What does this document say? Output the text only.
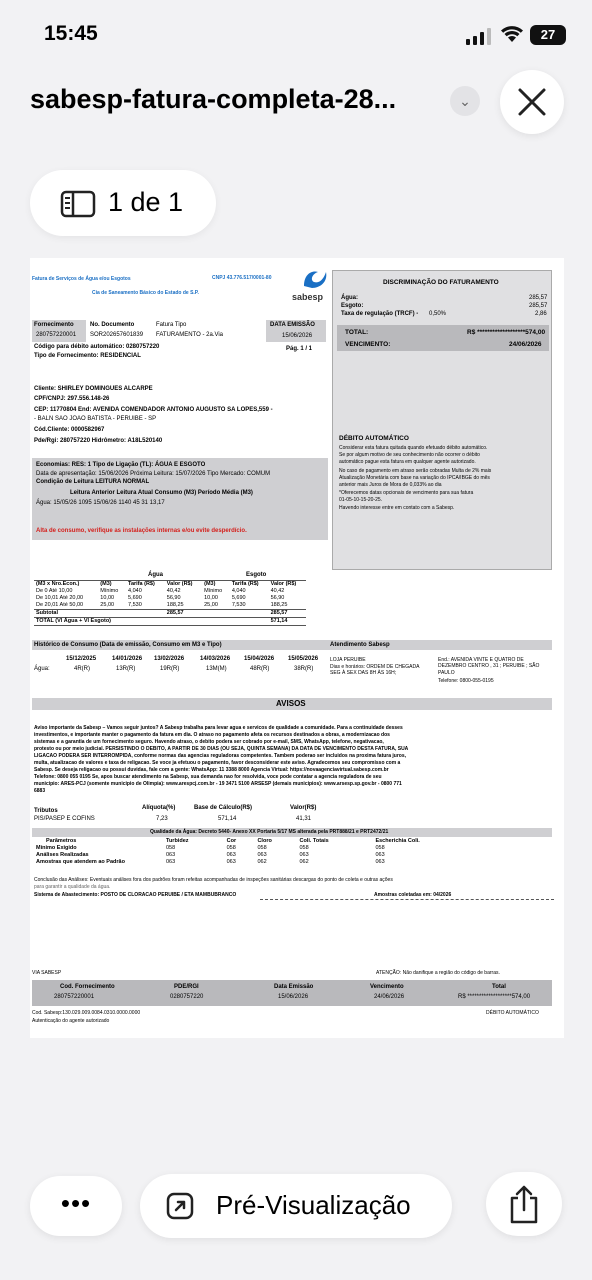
15:45	27
sabesp-fatura-completa-28...	⌄
1 de 1
Fatura de Serviços de Água e/ou Esgotos
Cia de Saneamento Básico do Estado de S.P.
CNPJ 43.776.517/0001-80
sabesp
Fornecimento
280757220001
No. Documento
SOR202657601839
Fatura Tipo
FATURAMENTO - 2a.Via
DATA EMISSÃO
15/06/2026
Código para débito automático: 0280757220	Pág. 1 / 1
Tipo de Fornecimento: RESIDENCIAL
Cliente: SHIRLEY DOMINGUES ALCARPE
CPF/CNPJ: 297.556.148-26
CEP: 11770804 End: AVENIDA COMENDADOR ANTONIO AUGUSTO SA LOPES,559 -
- BALN SAO JOAO BATISTA - PERUIBE - SP
Cód.Cliente: 0000582967
Pde/Rgi: 280757220 Hidrômetro: A18L520140
Economias: RES: 1 Tipo de Ligação (TL): ÁGUA E ESGOTO
Data de apresentação: 15/06/2026 Próxima Leitura: 15/07/2026 Tipo Mercado: COMUM
Condição de Leitura LEITURA NORMAL
Leitura Anterior Leitura Atual Consumo (M3) Período Média (M3)
Água: 15/05/26 1095 15/06/26 1140 45 31 13,17
Alta de consumo, verifique as instalações internas e/ou evite desperdício.
DISCRIMINAÇÃO DO FATURAMENTO
Água:	285,57
Esgoto:	285,57
Taxa de regulação (TRCF) - 0,50%	2,86
TOTAL:	R$ *******************574,00
VENCIMENTO:	24/06/2026
DÉBITO AUTOMÁTICO
Considerar esta fatura quitada quando efetuado débito automático.
Se por algum motivo de seu conhecimento não ocorrer o débito
automático pague esta fatura em qualquer agente autorizado.
No caso de pagamento em atraso serão cobradas Multa de 2% mais
Atualização Monetária com base na variação do IPCA/IBGE do mês
anterior mais Juros de Mora de 0,033% ao dia
*Oferecemos datas opcionais de vencimento para sua fatura
01-05-10-15-20-25.
Havendo interesse entre em contato com a Sabesp.
Água	Esgoto
(M3 x Nro.Econ.)	(M3)	Tarifa (R$)	Valor (R$)	(M3)	Tarifa (R$)	Valor (R$)
De 0 Até 10,00	Mínimo	4,040	40,42	Mínimo	4,040	40,42
De 10,01 Até 20,00	10,00	5,690	56,90	10,00	5,690	56,90
De 20,01 Até 50,00	25,00	7,530	188,25	25,00	7,530	188,25
Subtotal			285,57			285,57
TOTAL (Vl Água + Vl Esgoto)						571,14
Histórico de Consumo (Data de emissão, Consumo em M3 e Tipo)	Atendimento Sabesp
15/12/2025	14/01/2026 13/02/2026	14/03/2026 15/04/2026 15/05/2026
Água:	4R(R)	13R(R)	19R(R)	13M(M)	48R(R)	38R(R)
LOJA PERUIBE
Dias e horários: ORDEM DE CHEGADA SEG À SEX DAS 8H ÀS 16H;
End.: AVENIDA VINTE E QUATRO DE DEZEMBRO CENTRO , 31 ; PERUIBE ; SÃO PAULO
Telefone: 0800-055-0195
AVISOS
Aviso importante da Sabesp – Vamos seguir juntos? A Sabesp trabalha para levar agua e servicos de qualidade a comunidade. Para a continuidade desses
investimentos, e importante manter o pagamento da fatura em dia. O atraso no pagamento afeta os recursos destinados a obras, a modernizacao dos
sistemas e a garantia de um fornecimento seguro. Havendo atraso, o debito podera ser cobrado por e-mail, SMS, WhatsApp, telefone, negativacao,
protesto ou por meio judicial. PERSISTINDO O DEBITO, A PARTIR DE 30 DIAS (OU SEJA, QUINTA SEMANA) DA DATA DE VENCIMENTO DESTA FATURA, SUA
LIGACAO PODERA SER INTERROMPIDA, conforme normas das agencias reguladoras competentes. Tambem poderao ser incluidos na proxima fatura juros,
multa, atualizacao de valores e taxa de religacao. Se voce ja efetuou o pagamento, favor desconsiderar este aviso. Agradecemos seu compromisso com a
Sabesp. Se deseja religacao ou possui duvidas, fale com a gente: WhatsApp: 11 3388 8000 Agencia Virtual: https://novaagenciavirtual.sabesp.com.br
Telefone: 0800 055 0195 Se, apos buscar atendimento na Sabesp, sua demanda nao for resolvida, voce pode contatar a agencia reguladora de seu
municipio: ARES-PCJ (somente municipio de Olimpia): www.arespcj.com.br - 19 3471 5100 ARSESP (demais municipios): www.arsesp.sp.gov.br - 0800 771
6883
Tributos	Alíquota(%)	Base de Cálculo(R$)	Valor(R$)
PIS/PASEP E COFINS	7,23	571,14	41,31
Qualidade da Água: Decreto 5440- Anexo XX Portaria 5/17 MS alterada pela PRT888/21 e PRT2472/21
Parâmetros	Turbidez	Cor	Cloro	Coli. Totais	Escherichia Coli.
Mínimo Exigido	058	058	058	058	058
Análises Realizadas	063	063	063	063	063
Amostras que atendem ao Padrão	063	063	062	062	063
Conclusão das Análises: Eventuais análises fora dos padrões foram refeitas acompanhadas de inspeções sanitárias descargas do ponto de coleta e outras ações
para garantir a qualidade da água.
Sistema de Abastecimento: POSTO DE CLORACAO PERUIBE / ETA MAMBUBRANCO	Amostras coletadas em: 04/2026
VIA SABESP	ATENÇÃO: Não danifique a região do código de barras.
Cod. Fornecimento	PDE/RGI	Data Emissão	Vencimento	Total
280757220001	0280757220	15/06/2026	24/06/2026	R$ *******************574,00
Cod. Sabesp:130.029.009.0084.0310.0000.0000
Autenticação do agente autorizado
DÉBITO AUTOMÁTICO
•••	Pré-Visualização
